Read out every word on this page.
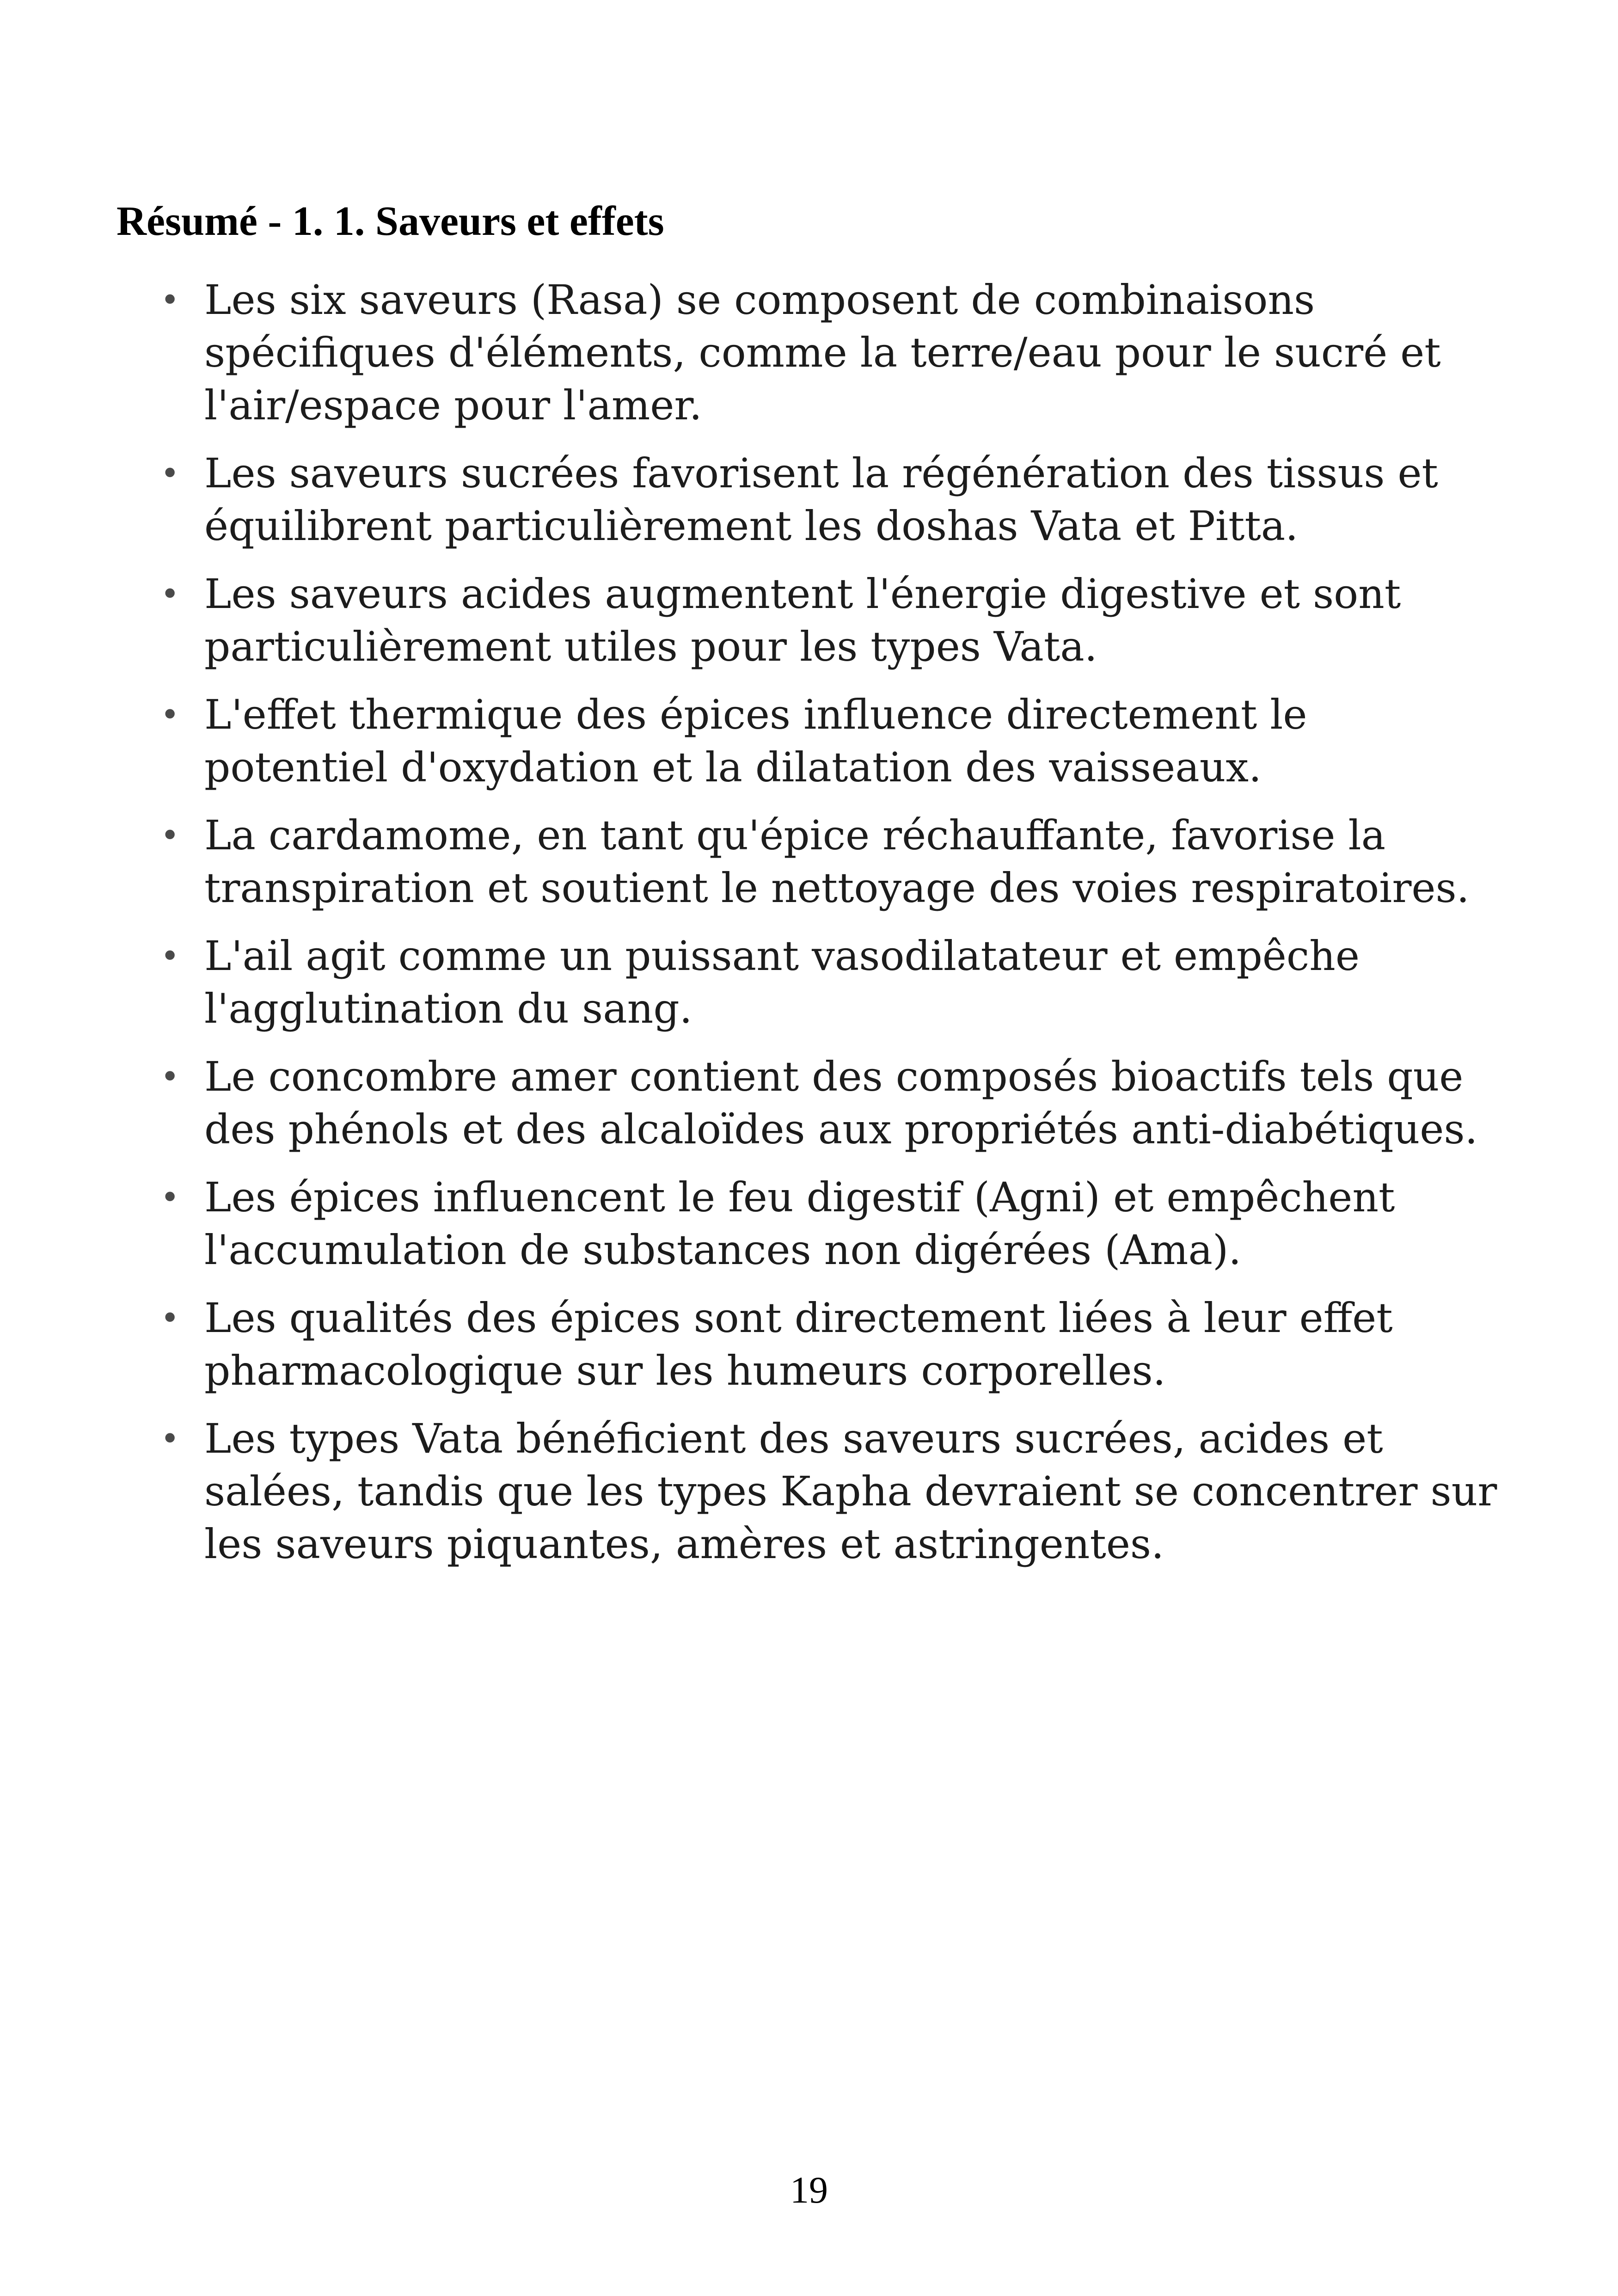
Résumé - 1. 1. Saveurs et effets
• Les six saveurs (Rasa) se composent de combinaisons spécifiques d'éléments, comme la terre/eau pour le sucré et l'air/espace pour l'amer.
• Les saveurs sucrées favorisent la régénération des tissus et équilibrent particulièrement les doshas Vata et Pitta.
• Les saveurs acides augmentent l'énergie digestive et sont particulièrement utiles pour les types Vata.
• L'effet thermique des épices influence directement le potentiel d'oxydation et la dilatation des vaisseaux.
• La cardamome, en tant qu'épice réchauffante, favorise la transpiration et soutient le nettoyage des voies respiratoires.
• L'ail agit comme un puissant vasodilatateur et empêche l'agglutination du sang.
• Le concombre amer contient des composés bioactifs tels que des phénols et des alcaloïdes aux propriétés anti-diabétiques.
• Les épices influencent le feu digestif (Agni) et empêchent l'accumulation de substances non digérées (Ama).
• Les qualités des épices sont directement liées à leur effet pharmacologique sur les humeurs corporelles.
• Les types Vata bénéficient des saveurs sucrées, acides et salées, tandis que les types Kapha devraient se concentrer sur les saveurs piquantes, amères et astringentes.
19
